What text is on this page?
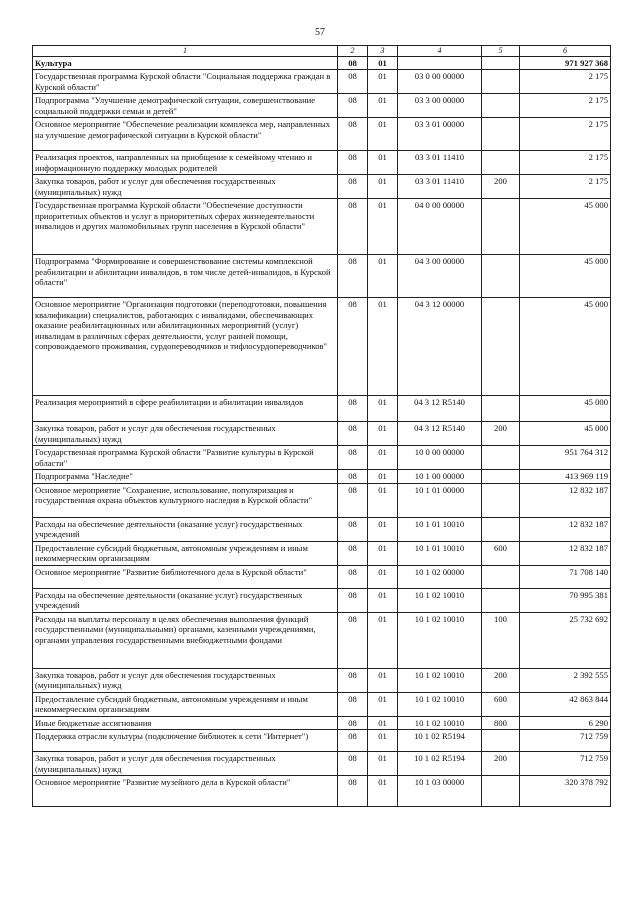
57
1	2	3	4	5	6
Культура	08	01			971 927 368
Государственная программа Курской области "Социальная поддержка граждан в Курской области"	08	01	03 0 00 00000		2 175
Подпрограмма "Улучшение демографической ситуации, совершенствование социальной поддержки семьи и детей"	08	01	03 3 00 00000		2 175
Основное мероприятие "Обеспечение реализации комплекса мер, направленных на улучшение демографической ситуации в Курской области"	08	01	03 3 01 00000		2 175
Реализация проектов, направленных на приобщение к семейному чтению и информационную поддержку молодых родителей	08	01	03 3 01 11410		2 175
Закупка товаров, работ и услуг для обеспечения государственных (муниципальных) нужд	08	01	03 3 01 11410	200	2 175
Государственная программа Курской области "Обеспечение доступности приоритетных объектов и услуг в приоритетных сферах жизнедеятельности инвалидов и других маломобильных групп населения в Курской области"	08	01	04 0 00 00000		45 000
Подпрограмма "Формирование и совершенствование системы комплексной реабилитации и абилитации инвалидов, в том числе детей-инвалидов, в Курской области"	08	01	04 3 00 00000		45 000
Основное мероприятие "Организация подготовки (переподготовки, повышения квалификации) специалистов, работающих с инвалидами, обеспечивающих оказание реабилитационных или абилитационных мероприятий (услуг) инвалидам в различных сферах деятельности, услуг ранней помощи, сопровождаемого проживания, сурдопереводчиков и тифлосурдопереводчиков"	08	01	04 3 12 00000		45 000
Реализация мероприятий в сфере реабилитации и абилитации инвалидов	08	01	04 3 12 R5140		45 000
Закупка товаров, работ и услуг для обеспечения государственных (муниципальных) нужд	08	01	04 3 12 R5140	200	45 000
Государственная программа Курской области "Развитие культуры в Курской области"	08	01	10 0 00 00000		951 764 312
Подпрограмма "Наследие"	08	01	10 1 00 00000		413 969 119
Основное мероприятие "Сохранение, использование, популяризация и государственная охрана объектов культурного наследия в Курской области"	08	01	10 1 01 00000		12 832 187
Расходы на обеспечение деятельности (оказание услуг) государственных учреждений	08	01	10 1 01 10010		12 832 187
Предоставление субсидий бюджетным, автономным учреждениям и иным некоммерческим организациям	08	01	10 1 01 10010	600	12 832 187
Основное мероприятие "Развитие библиотечного дела в Курской области"	08	01	10 1 02 00000		71 708 140
Расходы на обеспечение деятельности (оказание услуг) государственных учреждений	08	01	10 1 02 10010		70 995 381
Расходы на выплаты персоналу в целях обеспечения выполнения функций государственными (муниципальными) органами, казенными учреждениями, органами управления государственными внебюджетными фондами	08	01	10 1 02 10010	100	25 732 692
Закупка товаров, работ и услуг для обеспечения государственных (муниципальных) нужд	08	01	10 1 02 10010	200	2 392 555
Предоставление субсидий бюджетным, автономным учреждениям и иным некоммерческим организациям	08	01	10 1 02 10010	600	42 863 844
Иные бюджетные ассигнования	08	01	10 1 02 10010	800	6 290
Поддержка отрасли культуры (подключение библиотек к сети "Интернет")	08	01	10 1 02 R5194		712 759
Закупка товаров, работ и услуг для обеспечения государственных (муниципальных) нужд	08	01	10 1 02 R5194	200	712 759
Основное мероприятие "Развитие музейного дела в Курской области"	08	01	10 1 03 00000		320 378 792
